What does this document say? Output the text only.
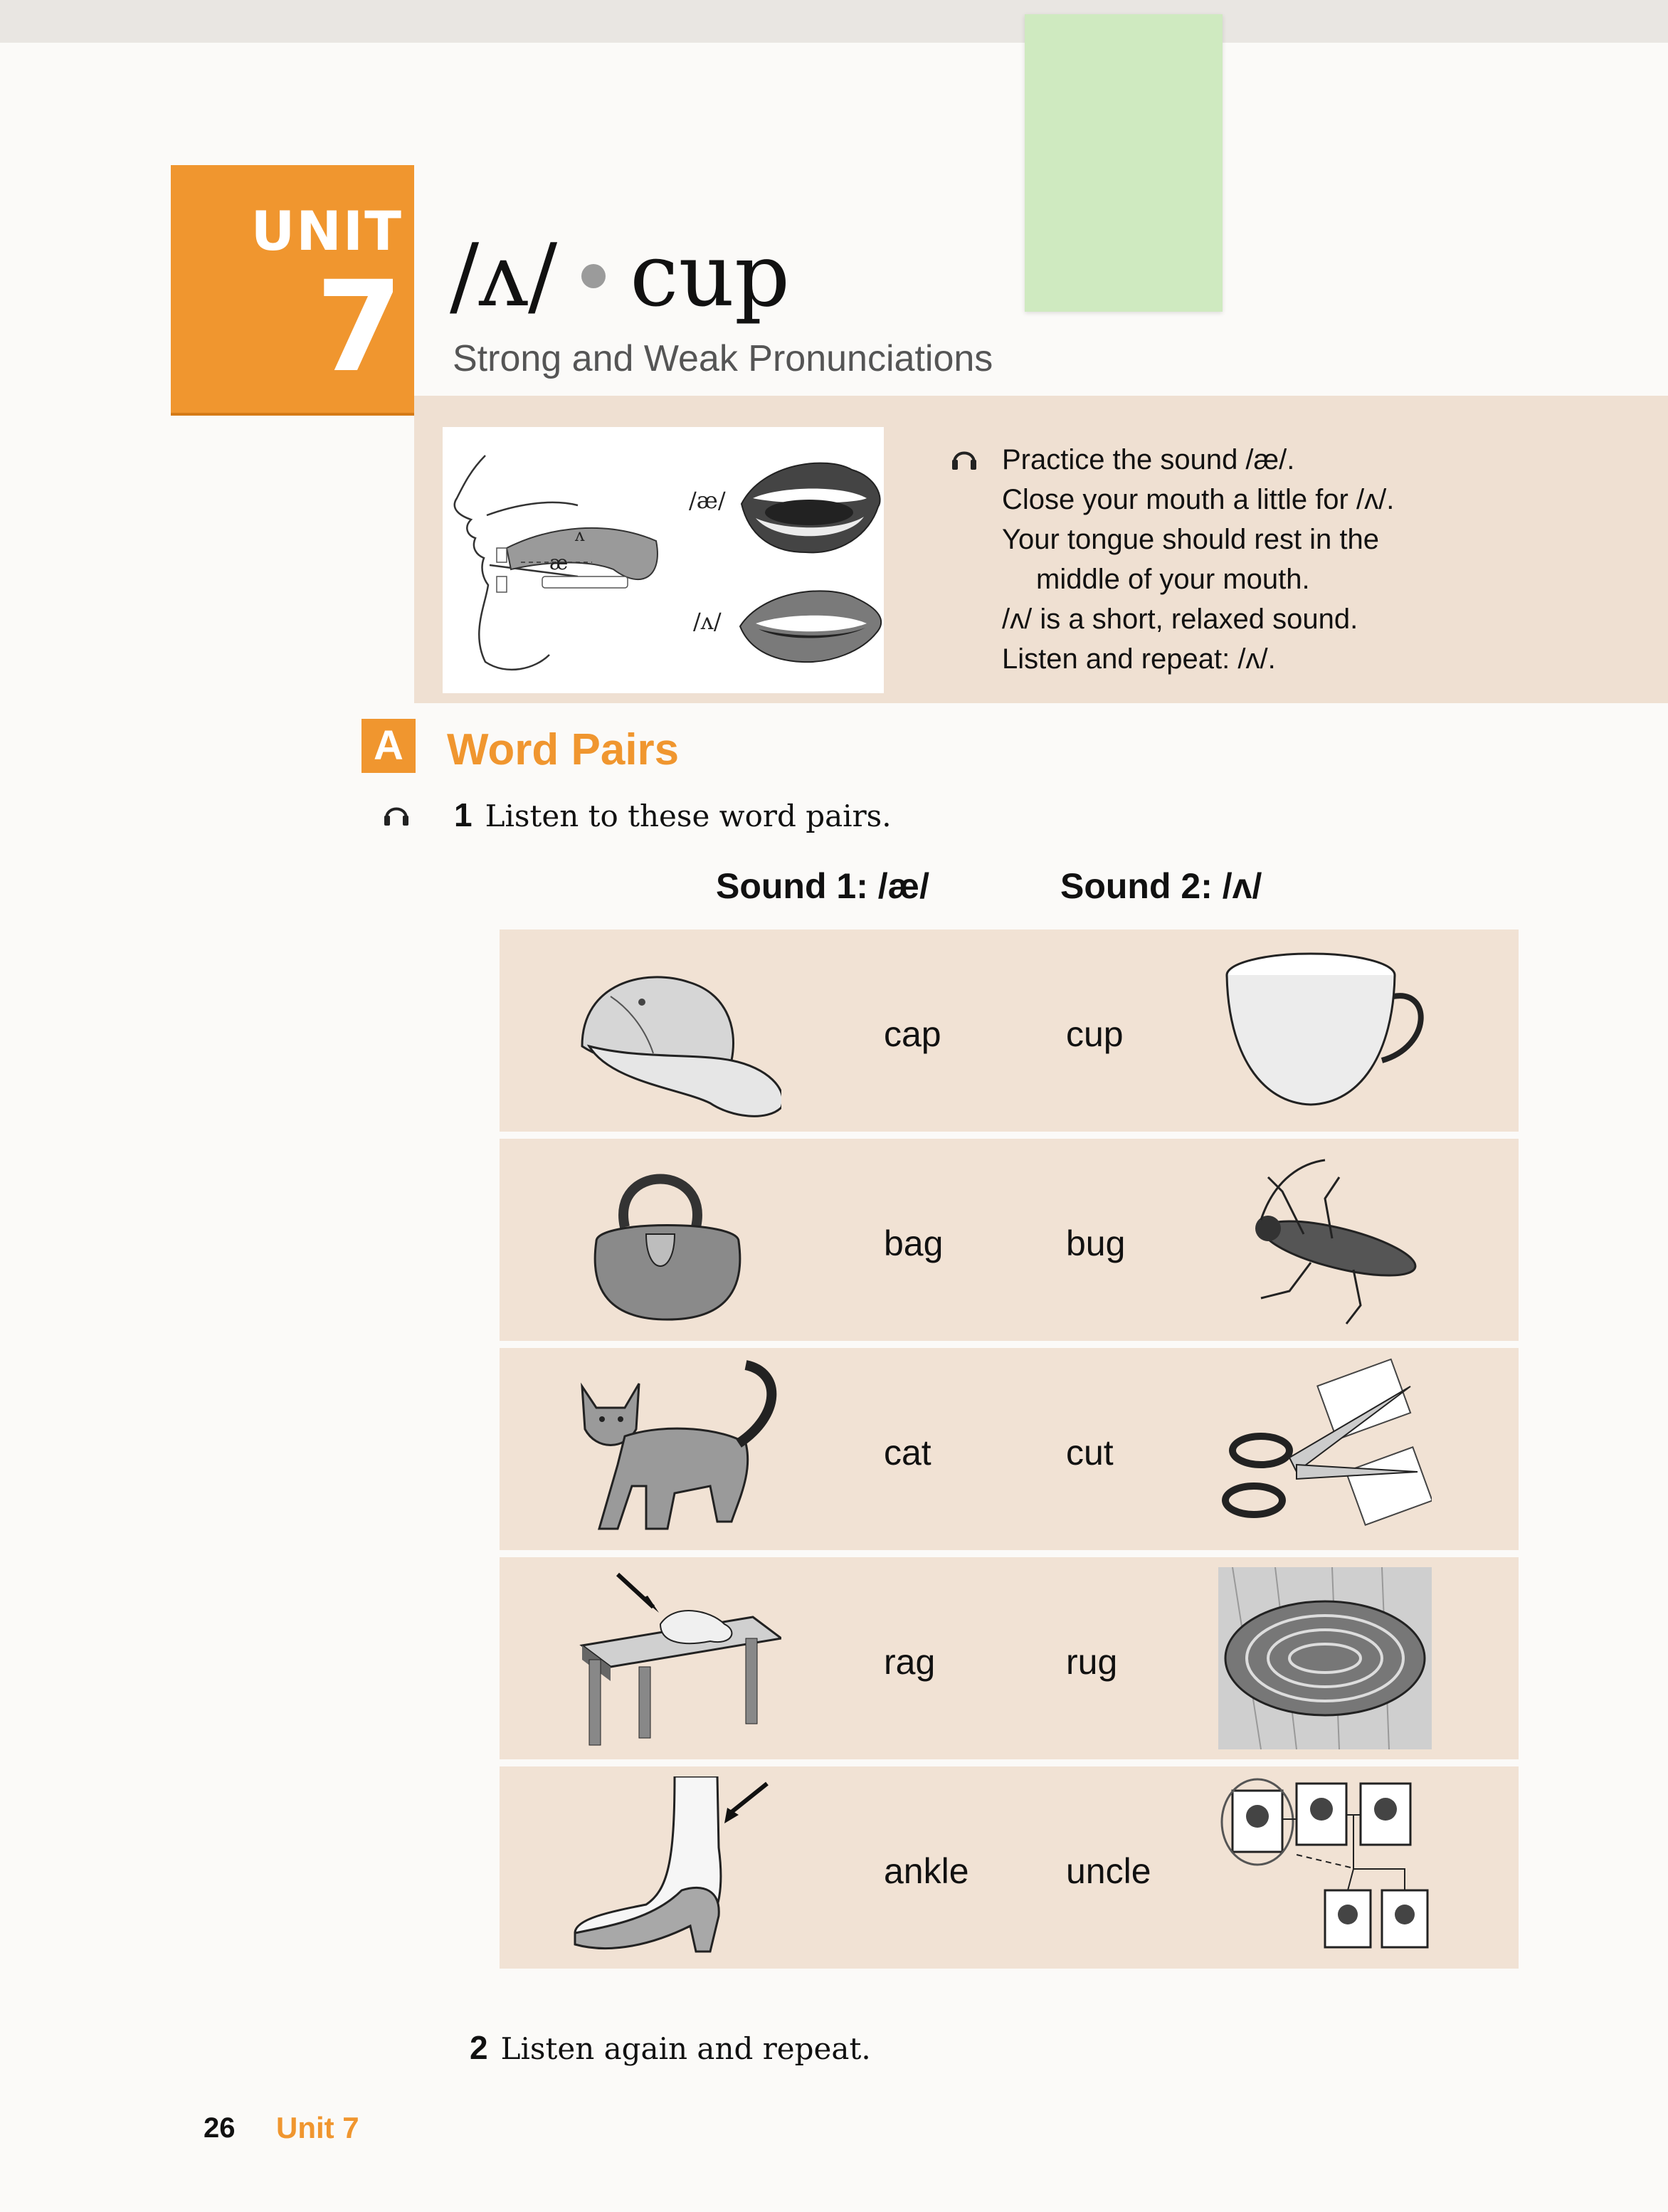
UNIT
7 /ʌ/ cup
Strong and Weak Pronunciations
æ
ʌ
/æ/
/ʌ/
Practice the sound /æ/.
Close your mouth a little for /ʌ/.
Your tongue should rest in the
middle of your mouth.
/ʌ/ is a short, relaxed sound.
Listen and repeat: /ʌ/.
A Word Pairs
1 Listen to these word pairs.
Sound 1: /æ/	Sound 2: /ʌ/
cap	cup
bag	bug
cat	cut
rag	rug
ankle	uncle
2 Listen again and repeat.
26 Unit 7
